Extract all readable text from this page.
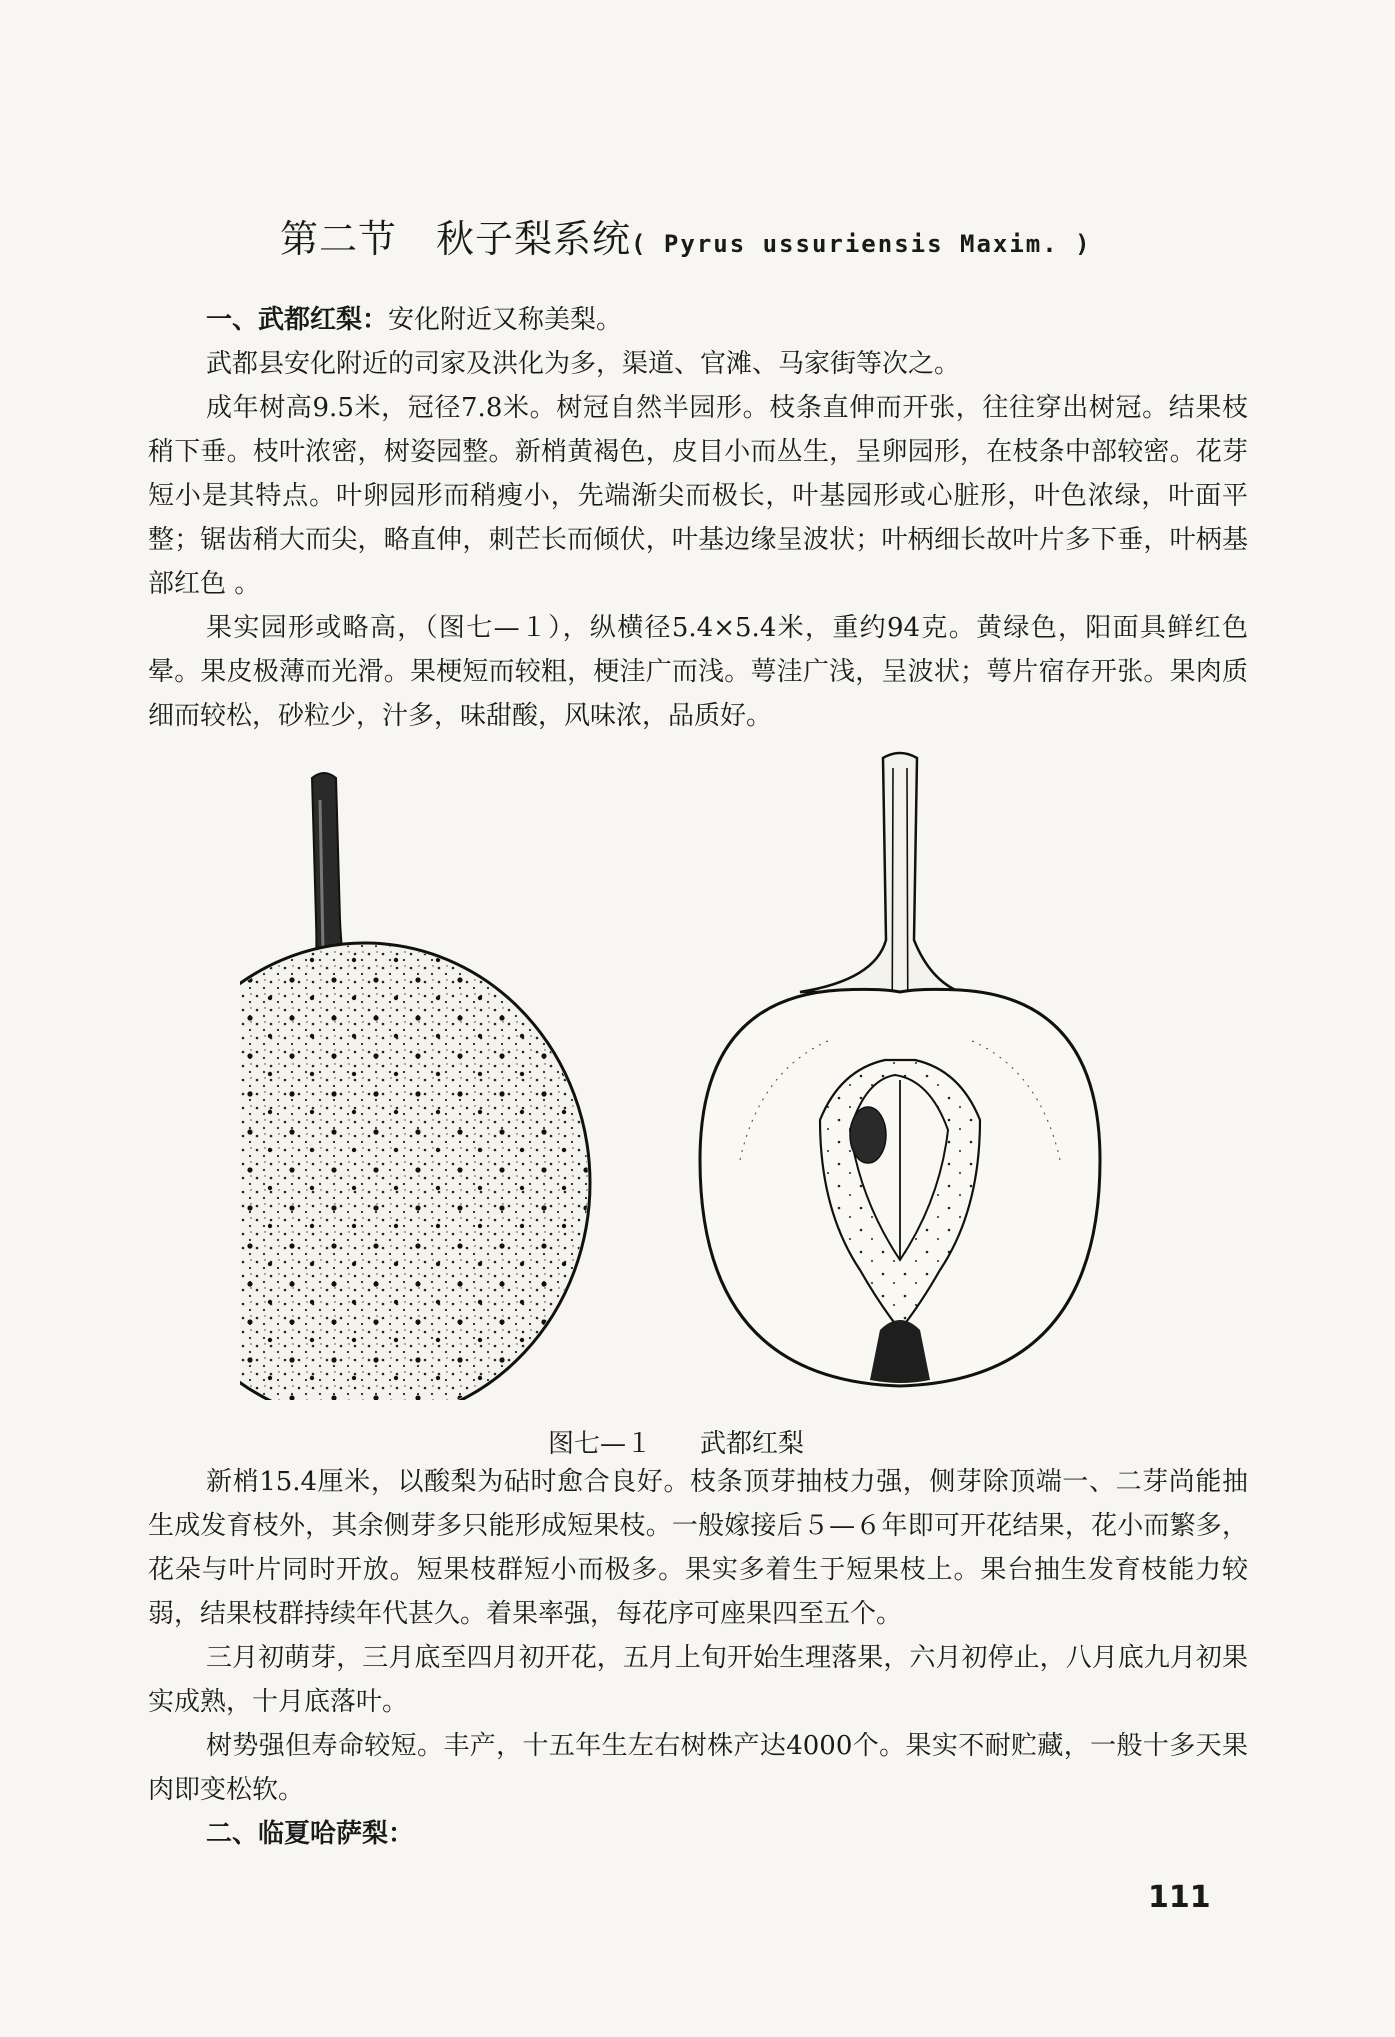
第二节　秋子梨系统( Pyrus ussuriensis Maxim. )

一、武都红梨：安化附近又称美梨。

武都县安化附近的司家及洪化为多，渠道、官滩、马家街等次之。

成年树高9.5米，冠径7.8米。树冠自然半园形。枝条直伸而开张，往往穿出树冠。结果枝稍下垂。枝叶浓密，树姿园整。新梢黄褐色，皮目小而丛生，呈卵园形，在枝条中部较密。花芽短小是其特点。叶卵园形而稍瘦小，先端渐尖而极长，叶基园形或心脏形，叶色浓绿，叶面平整；锯齿稍大而尖，略直伸，刺芒长而倾伏，叶基边缘呈波状；叶柄细长故叶片多下垂，叶柄基部红色 。

果实园形或略高，（图七—１），纵横径5.4×5.4米，重约94克。黄绿色，阳面具鲜红色晕。果皮极薄而光滑。果梗短而较粗，梗洼广而浅。萼洼广浅，呈波状；萼片宿存开张。果肉质细而较松，砂粒少，汁多，味甜酸，风味浓，品质好。

图七—１ 武都红梨

新梢15.4厘米，以酸梨为砧时愈合良好。枝条顶芽抽枝力强，侧芽除顶端一、二芽尚能抽生成发育枝外，其余侧芽多只能形成短果枝。一般嫁接后５—６年即可开花结果，花小而繁多，花朵与叶片同时开放。短果枝群短小而极多。果实多着生于短果枝上。果台抽生发育枝能力较弱，结果枝群持续年代甚久。着果率强，每花序可座果四至五个。

三月初萌芽，三月底至四月初开花，五月上旬开始生理落果，六月初停止，八月底九月初果实成熟，十月底落叶。

树势强但寿命较短。丰产，十五年生左右树株产达4000个。果实不耐贮藏，一般十多天果肉即变松软。

二、临夏哈萨梨：

111
